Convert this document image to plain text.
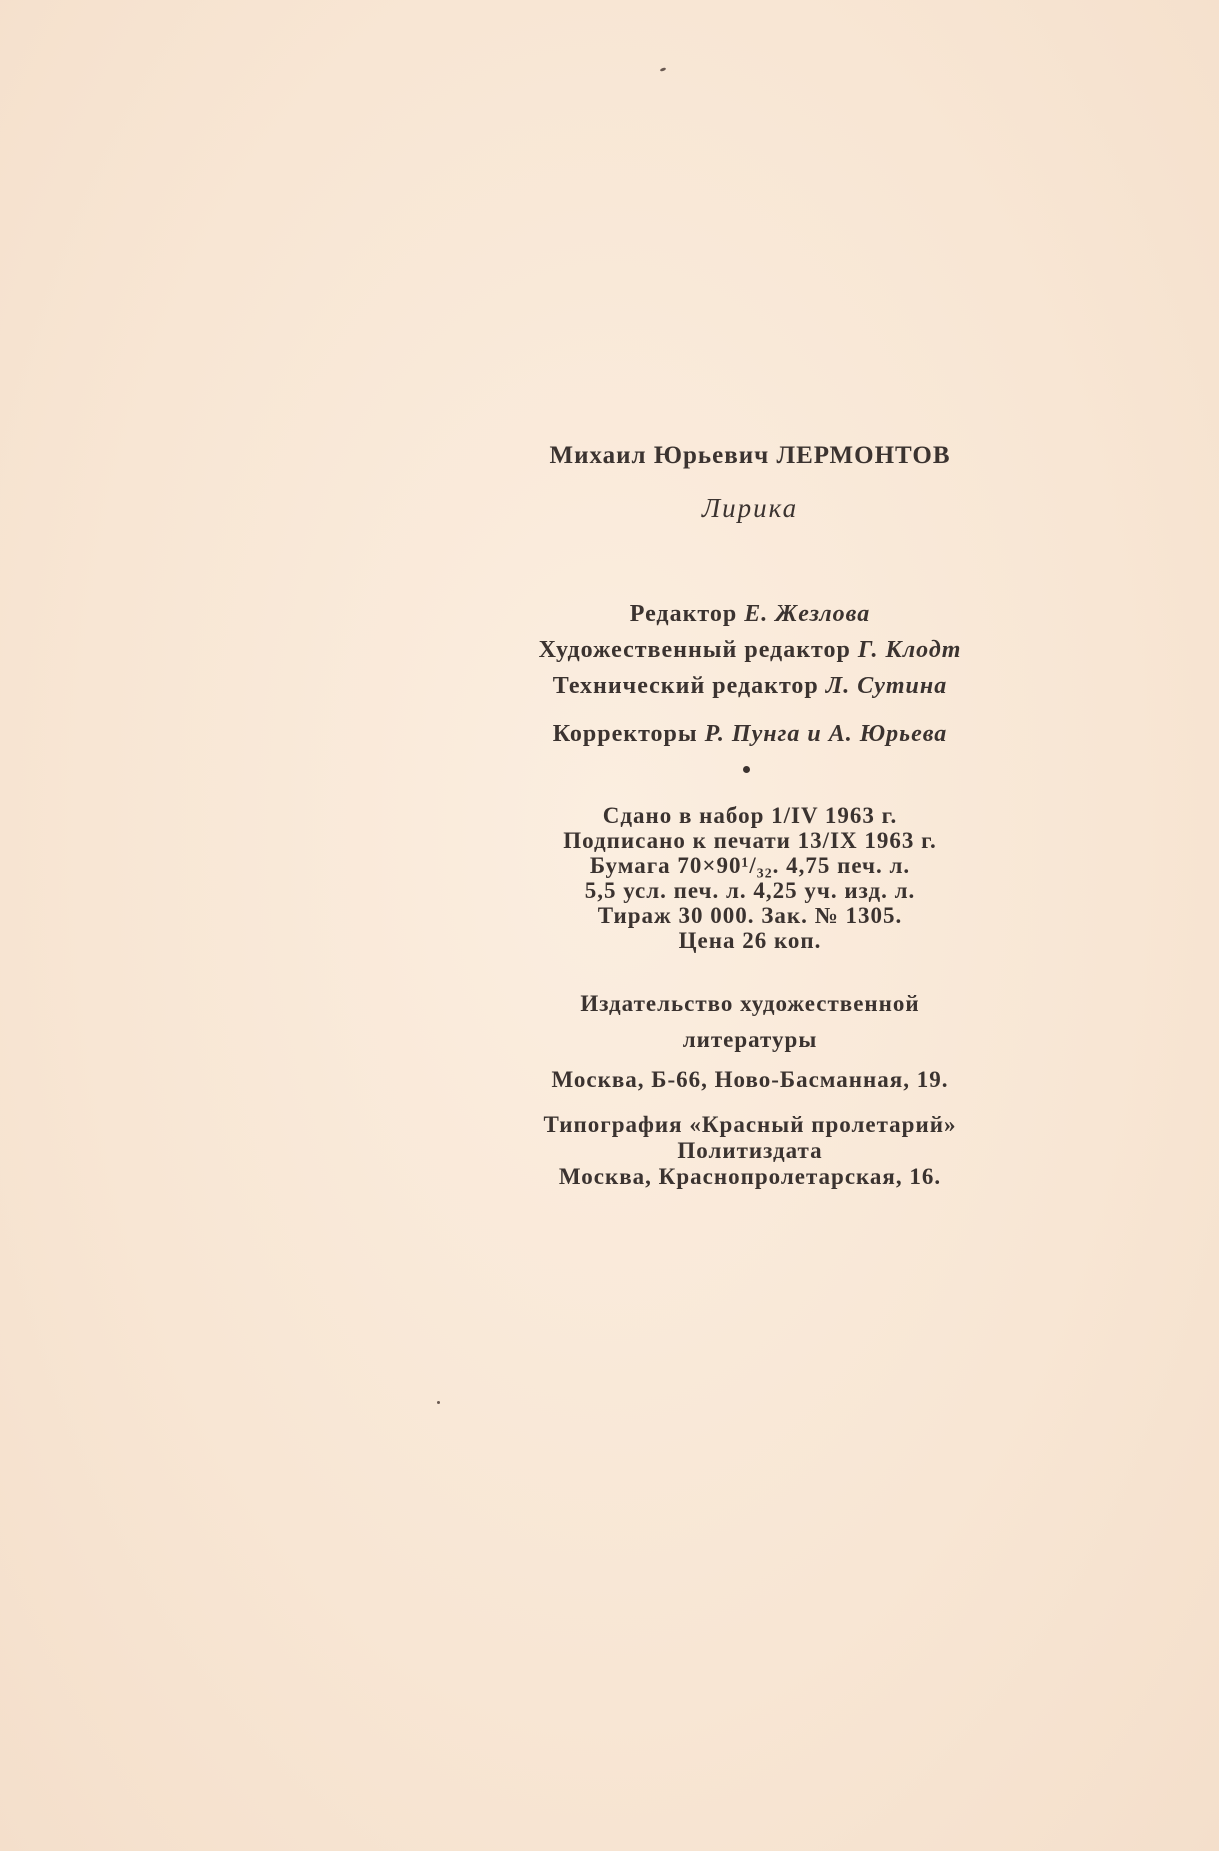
Михаил Юрьевич ЛЕРМОНТОВ
Лирика
Редактор Е. Жезлова
Художественный редактор Г. Клодт
Технический редактор Л. Сутина
Корректоры Р. Пунга и А. Юрьева
Сдано в набор 1/IV 1963 г.
Подписано к печати 13/IX 1963 г.
Бумага 70×90¹/₃₂. 4,75 печ. л.
5,5 усл. печ. л. 4,25 уч. изд. л.
Тираж 30 000. Зак. № 1305.
Цена 26 коп.
Издательство художественной
литературы
Москва, Б-66, Ново-Басманная, 19.
Типография «Красный пролетарий»
Политиздата
Москва, Краснопролетарская, 16.
